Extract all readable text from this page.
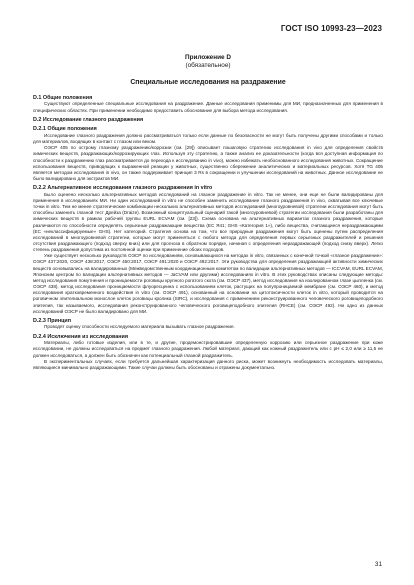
ГОСТ ISO 10993-23—2023
Приложение D
(обязательное)
Специальные исследования на раздражение
D.1 Общие положения

Существуют определенные специальные исследования на раздражение. Данные исследования применимы для МИ, предназначенных для применения в специфических областях. При применении необходимо предоставить обоснование для выбора метода исследования.

D.2 Исследование глазного раздражения
D.2.1 Общие положения

Исследование глазного раздражения должно рассматриваться только если данные по безопасности не могут быть получены другими способами и только для материалов, входящих в контакт с глазом или веком.

ОЭСР 405 по острому глазному раздражению/коррозии (см. [29]) описывает пошаговую стратегию исследования in vivo для определения свойств химических веществ, раздражающих/коррозирующих глаз. Используя эту стратегию, а также анализ ее доказательности (когда вся доступная информация по способности к раздражению глаз рассматривается до перехода к исследованию in vivo), можно избежать необоснованного исследования животных. Сокращение использования веществ, приводящих к выраженной реакции у животных, существенно сбережение аналитических и материальных ресурсов. Хотя ТG 405 является методом исследования in vivo, он также поддерживает принцип 3 Rs в сокращении и улучшении исследований на животных. Данное исследование не было валидировано для экстрактов МИ.

D.2.2 Альтернативное исследования глазного раздражения in vitro

Было оценено несколько альтернативных методов исследований на глазное раздражение in vitro. Так не менее, они еще не были валидированы для применения в исследованиях МИ. Ни один исследований in vitro не способен заменить исследование глазного раздражения in vivo, охватывая все ключевые точки in vitro. Тем не менее стратегические комбинации нескольких альтернативных методов исследований (многоуровневой) стратегии исследования могут быть способны заменить глазной тест Дрейза (Draize). Возможный концептуальный сценарий такой (многоуровневой) стратегии исследования были разработаны для химических веществ в рамках рабочей группы EURL ECVAM (см. [23]). Схема основана на альтернативных вариантах глазного раздражения, которые различаются по способности определять серьезные раздражающие вещества (ЕС Я41; GHS «Категория 1»), либо вещества, считающиеся нераздражающими (ЕС «неклассифицируемые» GHS). Нет категорий. Стратегия основа на том, что все природные раздражения могут быть оценены путем распределения исследований в многоуровневой стратегии, которые могут применяться с любого метода для определения первых серьезных раздражителей и решения отсутствия раздражающего (подход сверху вниз) или для прогноза в обратном порядке, начиная с определения нераздражающей (подход снизу вверх). Легко степень раздражения допустима из постоянной оценки при применение обоих подходов.

Уже существует несколько руководств ОЭСР по исследованиям, основывающихся на методах in vitro, связанных с конечной точкой «глазное раздражение»: ОЭСР 437:2020, ОЭСР 438:2017, ОЭСР 460:2017, ОЭСР 491:2020 и ОЭСР 492:2017. Эти руководства для определения раздражающей активности химических веществ основывались на валидированных (Межведомственным координационным комитетом по валидации альтернативных методов — ICCVAM, EURL ECVAM, Японским центром по валидации альтернативных методов — JaCVAM или другими) исследованиях in vitro. В этих руководствах описаны следующие методы: метод исследования помутнения и проницаемости роговицы крупного рогатого скота (см. ОЭСР 437), метод исследования на изолированном глазе цыпленка (см. ОЭСР 438), метод исследования проницаемости флуоресцеина с использованием клеток, растущих на полупроницаемой мембране (см. ОЭСР 460), и метод исследования кратковременного воздействия in vitro (см. ОЭСР 491), основанный на основании на цитотоксичности клеток in vitro, который проводится на роговичном эпителиальном монослое клеток роговицы кролика (SIRC), и исследования с применением реконструированного человеческого роговицеподобного эпителия, так называемого, исследования реконструированного человеческого роговицеподобного эпителия (RHCE) (см. ОЭСР 492). Ни одно из данных исследований ОЭСР не было валидировано для МИ.

D.2.3 Принцип

Проводят оценку способности исследуемого материала вызывать глазное раздражение.

D.2.4 Исключения из исследования

Материалы, либо готовые изделия, или в те, и другие, продемонстрировавшие определенную коррозию или серьезное раздражение при коже исследовании, не должны исследоваться на предмет глазного раздражения. Любой материал, дающий как кожный раздражитель или с pH ≤ 2,0 или ≥ 11,5 не должен исследоваться, а должен быть обозначен как потенциальный глазной раздражитель.

В экспериментальных случаях, если требуется дальнейшая характеризация данного риска, может возникнуть необходимость исследовать материалы, являющиеся минимально раздражающими. Такие случаи должны быть обоснованы и отражены документально.

31
